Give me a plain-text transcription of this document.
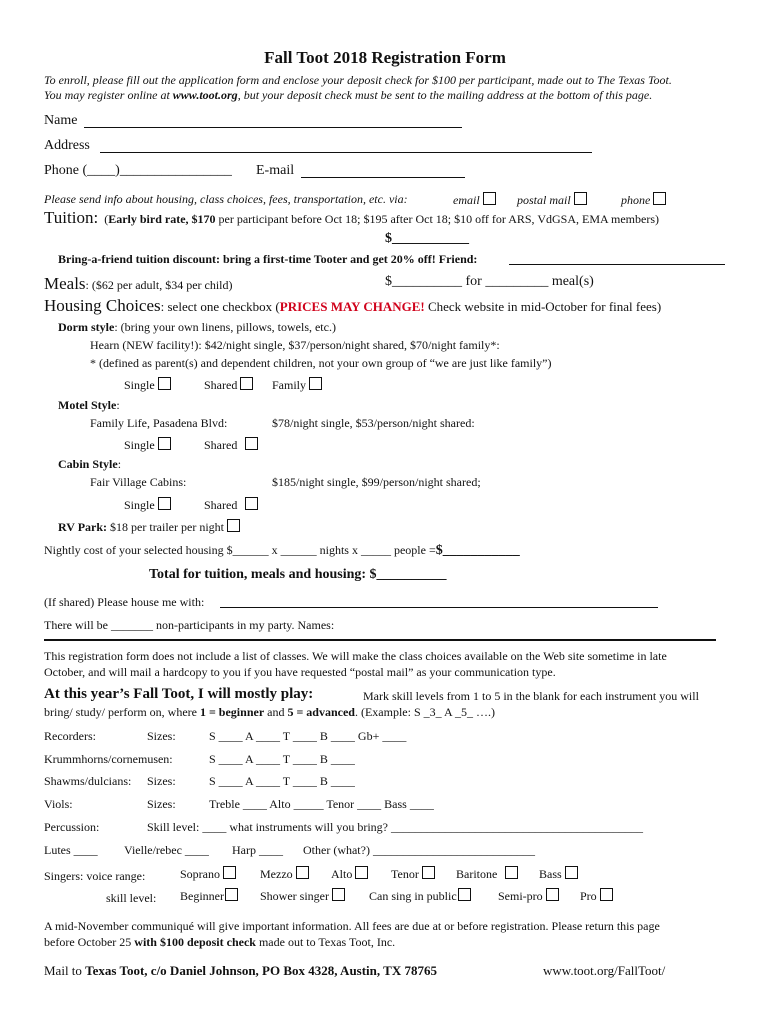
Fall Toot 2018 Registration Form
To enroll, please fill out the application form and enclose your deposit check for $100 per participant, made out to The Texas Toot.
You may register online at www.toot.org, but your deposit check must be sent to the mailing address at the bottom of this page.
Name
Address
Phone (____)________________ E-mail
Please send info about housing, class choices, fees, transportation, etc. via:	email	postal mail	phone
Tuition: (Early bird rate, $170 per participant before Oct 18; $195 after Oct 18; $10 off for ARS, VdGSA, EMA members)
$___________
Bring-a-friend tuition discount: bring a first-time Tooter and get 20% off! Friend:
Meals: ($62 per adult, $34 per child)	$__________ for _________ meal(s)
Housing Choices: select one checkbox (PRICES MAY CHANGE! Check website in mid-October for final fees)
Dorm style: (bring your own linens, pillows, towels, etc.)
Hearn (NEW facility!): $42/night single, $37/person/night shared, $70/night family*:
* (defined as parent(s) and dependent children, not your own group of “we are just like family”)
Single	Shared	Family
Motel Style:
Family Life, Pasadena Blvd:	$78/night single, $53/person/night shared:
Single	Shared
Cabin Style:
Fair Village Cabins:	$185/night single, $99/person/night shared;
Single	Shared
RV Park: $18 per trailer per night
Nightly cost of your selected housing $______ x ______ nights x _____ people =$___________
Total for tuition, meals and housing: $__________
(If shared) Please house me with:
There will be _______ non-participants in my party. Names:
This registration form does not include a list of classes. We will make the class choices available on the Web site sometime in late
October, and will mail a hardcopy to you if you have requested “postal mail” as your communication type.
At this year’s Fall Toot, I will mostly play:	Mark skill levels from 1 to 5 in the blank for each instrument you will
bring/ study/ perform on, where 1 = beginner and 5 = advanced. (Example: S _3_ A _5_ ….)
Recorders:	Sizes:	S ____ A ____ T ____ B ____ Gb+ ____
Krummhorns/cornemusen:	S ____ A ____ T ____ B ____
Shawms/dulcians: Sizes:	S ____ A ____ T ____ B ____
Viols:	Sizes:	Treble ____ Alto _____ Tenor ____ Bass ____
Percussion:	Skill level: ____ what instruments will you bring? __________________________________________
Lutes ____ Vielle/rebec ____ Harp ____ Other (what?) ___________________________
Singers: voice range:	Soprano	Mezzo	Alto	Tenor	Baritone	Bass
skill level: Beginner	Shower singer	Can sing in public	Semi-pro	Pro
A mid-November communiqué will give important information. All fees are due at or before registration. Please return this page
before October 25 with $100 deposit check made out to Texas Toot, Inc.
Mail to Texas Toot, c/o Daniel Johnson, PO Box 4328, Austin, TX 78765	www.toot.org/FallToot/
